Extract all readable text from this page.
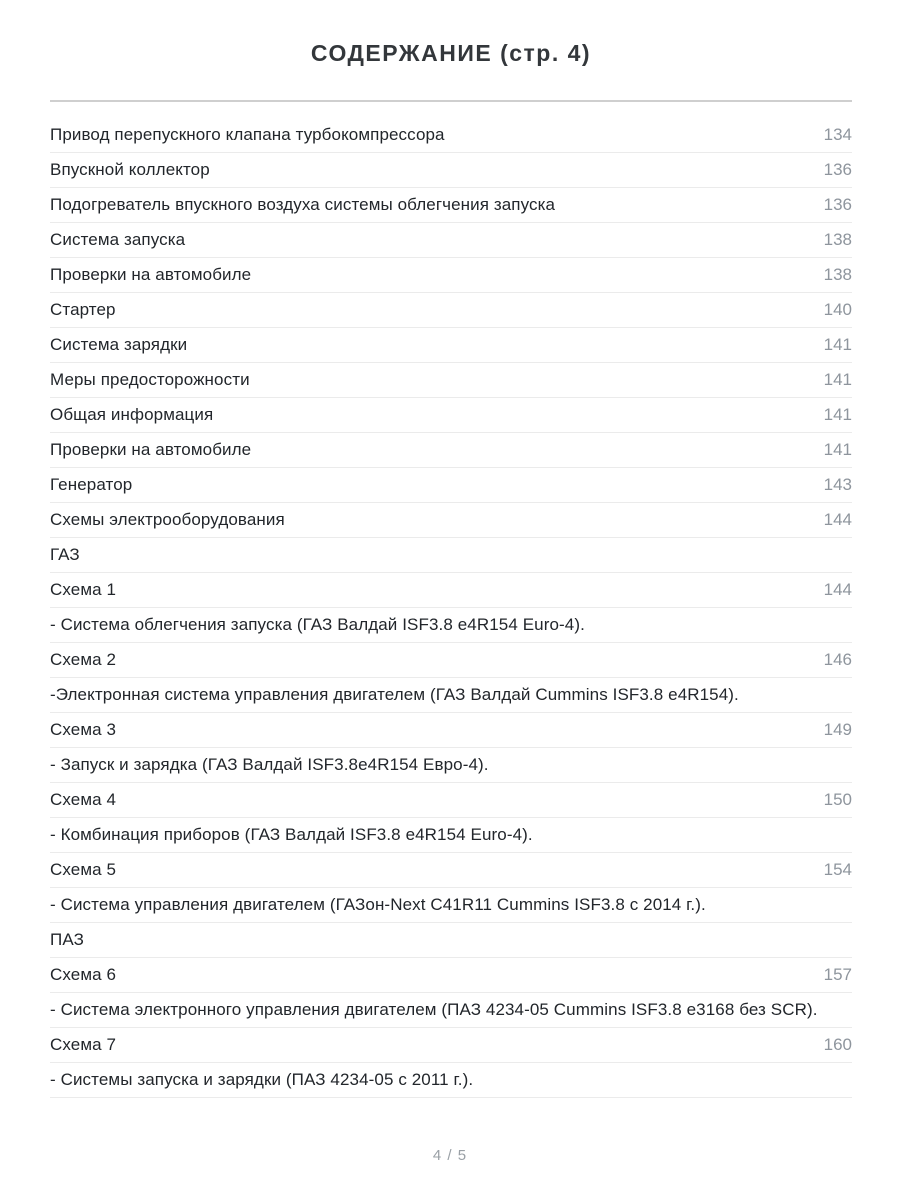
СОДЕРЖАНИЕ (стр. 4)
Привод перепускного клапана турбокомпрессора	134
Впускной коллектор	136
Подогреватель впускного воздуха системы облегчения запуска	136
Система запуска	138
Проверки на автомобиле	138
Стартер	140
Система зарядки	141
Меры предосторожности	141
Общая информация	141
Проверки на автомобиле	141
Генератор	143
Схемы электрооборудования	144
ГАЗ
Схема 1	144
- Система облегчения запуска (ГАЗ Валдай ISF3.8 e4R154 Euro-4).
Схема 2	146
-Электронная система управления двигателем (ГАЗ Валдай Cummins ISF3.8 e4R154).
Схема 3	149
- Запуск и зарядка (ГАЗ Валдай ISF3.8e4R154 Евро-4).
Схема 4	150
- Комбинация приборов (ГАЗ Валдай ISF3.8 e4R154 Euro-4).
Схема 5	154
- Система управления двигателем (ГАЗон-Next C41R11 Cummins ISF3.8 с 2014 г.).
ПАЗ
Схема 6	157
- Система электронного управления двигателем (ПАЗ 4234-05 Cummins ISF3.8 е3168 без SCR).
Схема 7	160
- Системы запуска и зарядки (ПАЗ 4234-05 с 2011 г.).
4 / 5
